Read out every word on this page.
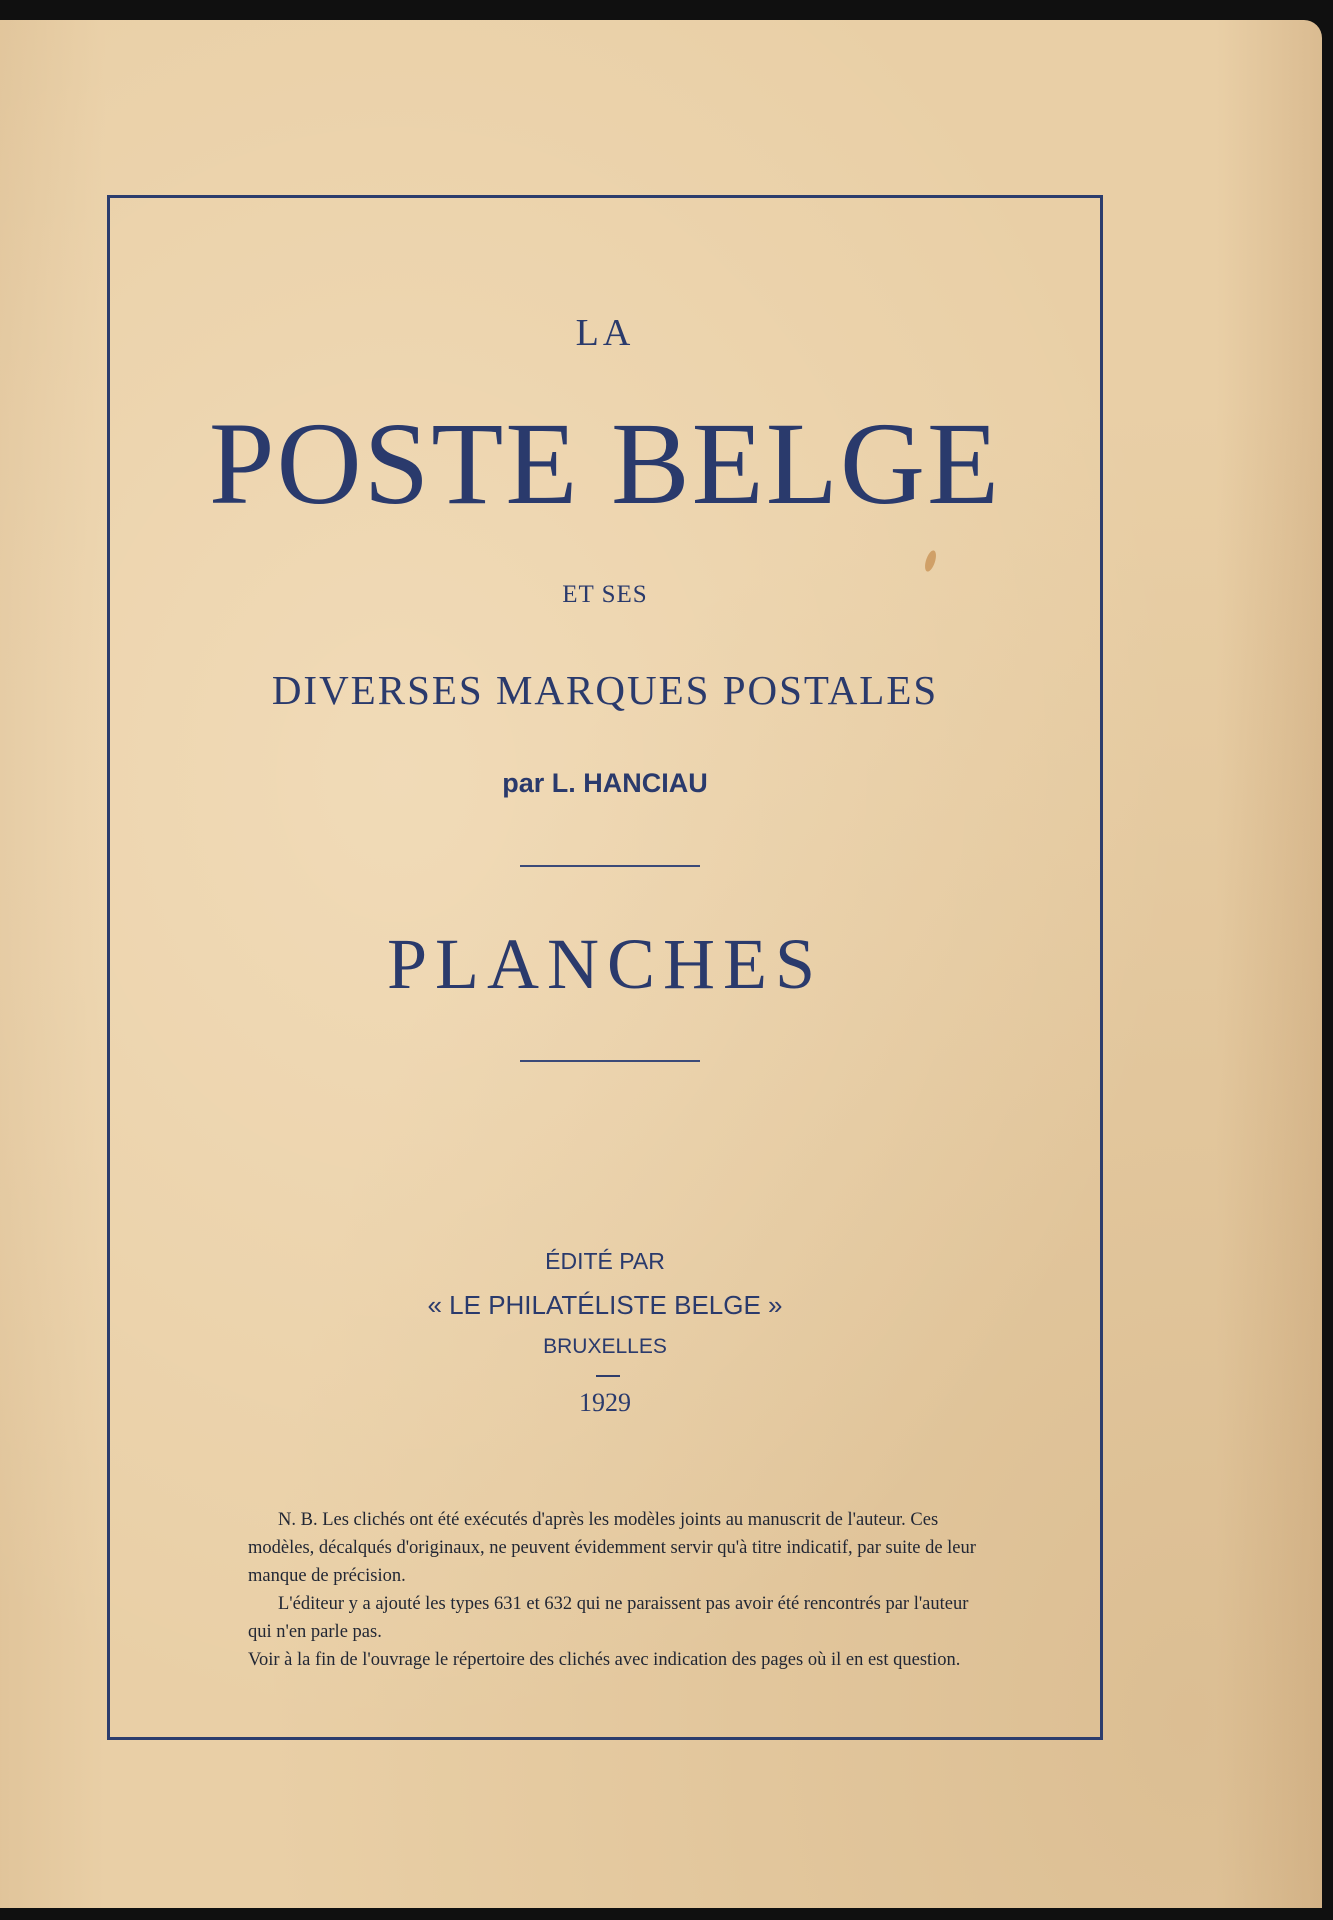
LA

POSTE BELGE

ET SES

DIVERSES MARQUES POSTALES

par L. HANCIAU

PLANCHES

ÉDITÉ PAR

« LE PHILATÉLISTE BELGE »

BRUXELLES

1929

N. B. Les clichés ont été exécutés d'après les modèles joints au manuscrit de l'auteur. Ces modèles, décalqués d'originaux, ne peuvent évidemment servir qu'à titre indicatif, par suite de leur manque de précision.

L'éditeur y a ajouté les types 631 et 632 qui ne paraissent pas avoir été rencontrés par l'auteur qui n'en parle pas.

Voir à la fin de l'ouvrage le répertoire des clichés avec indication des pages où il en est question.
